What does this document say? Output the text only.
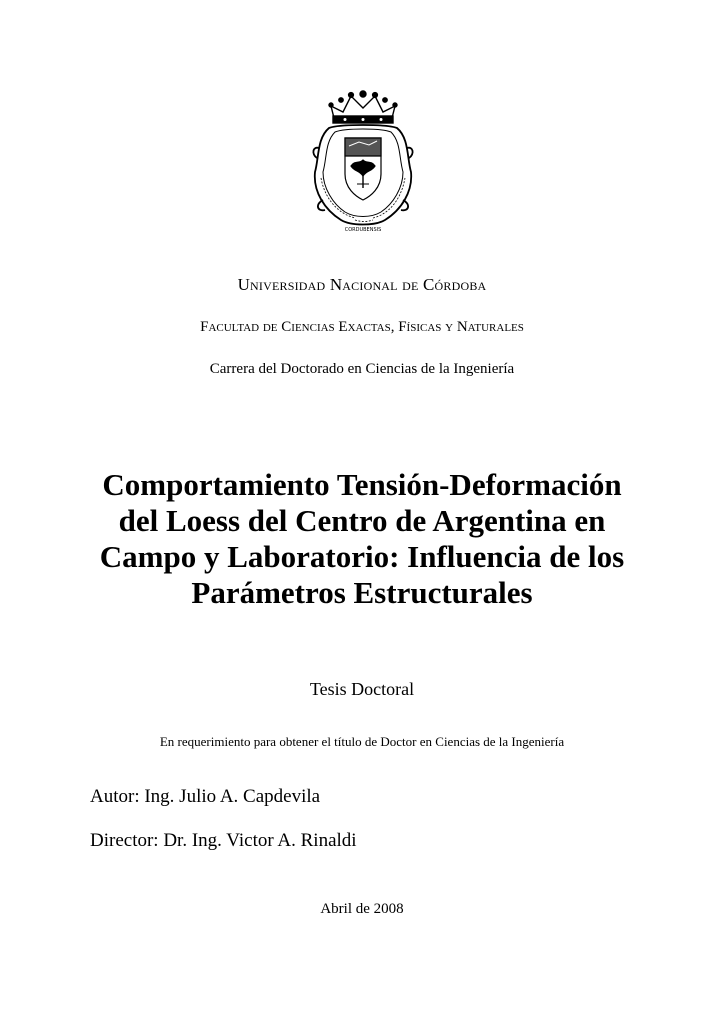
CORDUBENSIS
Universidad Nacional de Córdoba
Facultad de Ciencias Exactas, Físicas y Naturales
Carrera del Doctorado en Ciencias de la Ingeniería
Comportamiento Tensión-Deformación
del Loess del Centro de Argentina en
Campo y Laboratorio: Influencia de los
Parámetros Estructurales
Tesis Doctoral
En requerimiento para obtener el título de Doctor en Ciencias de la Ingeniería
Autor: Ing. Julio A. Capdevila
Director: Dr. Ing. Victor A. Rinaldi
Abril de 2008
